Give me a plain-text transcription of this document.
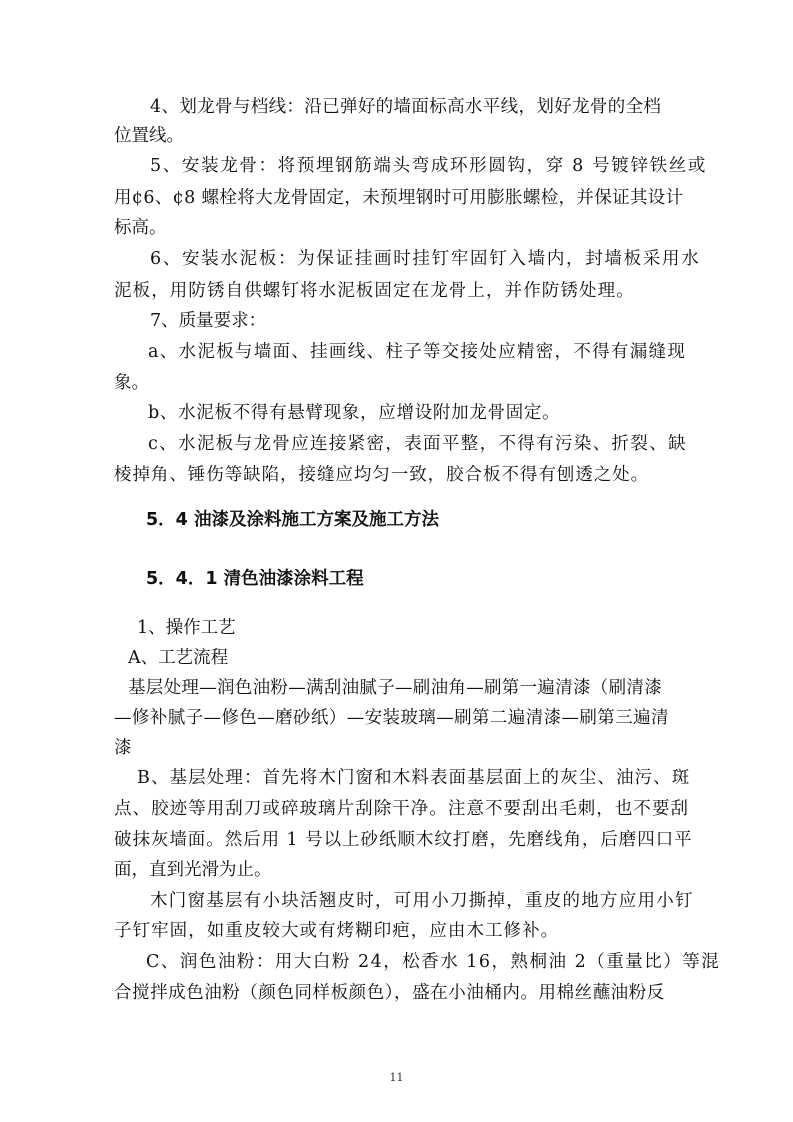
4、划龙骨与档线：沿已弹好的墙面标高水平线，划好龙骨的全档

位置线。

5、安装龙骨：将预埋钢筋端头弯成环形圆钩，穿 8 号镀锌铁丝或

用¢6、¢8 螺栓将大龙骨固定，未预埋钢时可用膨胀螺检，并保证其设计

标高。

6、安装水泥板：为保证挂画时挂钉牢固钉入墙内，封墙板采用水

泥板，用防锈自供螺钉将水泥板固定在龙骨上，并作防锈处理。

7、质量要求：

a、水泥板与墙面、挂画线、柱子等交接处应精密，不得有漏缝现

象。

b、水泥板不得有悬臂现象，应增设附加龙骨固定。

c、水泥板与龙骨应连接紧密，表面平整，不得有污染、折裂、缺

棱掉角、锤伤等缺陷，接缝应均匀一致，胶合板不得有刨透之处。

5．4 油漆及涂料施工方案及施工方法
5．4．1 清色油漆涂料工程

1、操作工艺

A、工艺流程

基层处理—润色油粉—满刮油腻子—刷油角—刷第一遍清漆（刷清漆

—修补腻子—修色—磨砂纸）—安装玻璃—刷第二遍清漆—刷第三遍清

漆

B、基层处理：首先将木门窗和木料表面基层面上的灰尘、油污、斑

点、胶迹等用刮刀或碎玻璃片刮除干净。注意不要刮出毛刺，也不要刮

破抹灰墙面。然后用 1 号以上砂纸顺木纹打磨，先磨线角，后磨四口平

面，直到光滑为止。

木门窗基层有小块活翘皮时，可用小刀撕掉，重皮的地方应用小钉

子钉牢固，如重皮较大或有烤糊印疤，应由木工修补。

C、润色油粉：用大白粉 24，松香水 16，熟桐油 2（重量比）等混

合搅拌成色油粉（颜色同样板颜色），盛在小油桶内。用棉丝蘸油粉反

11
